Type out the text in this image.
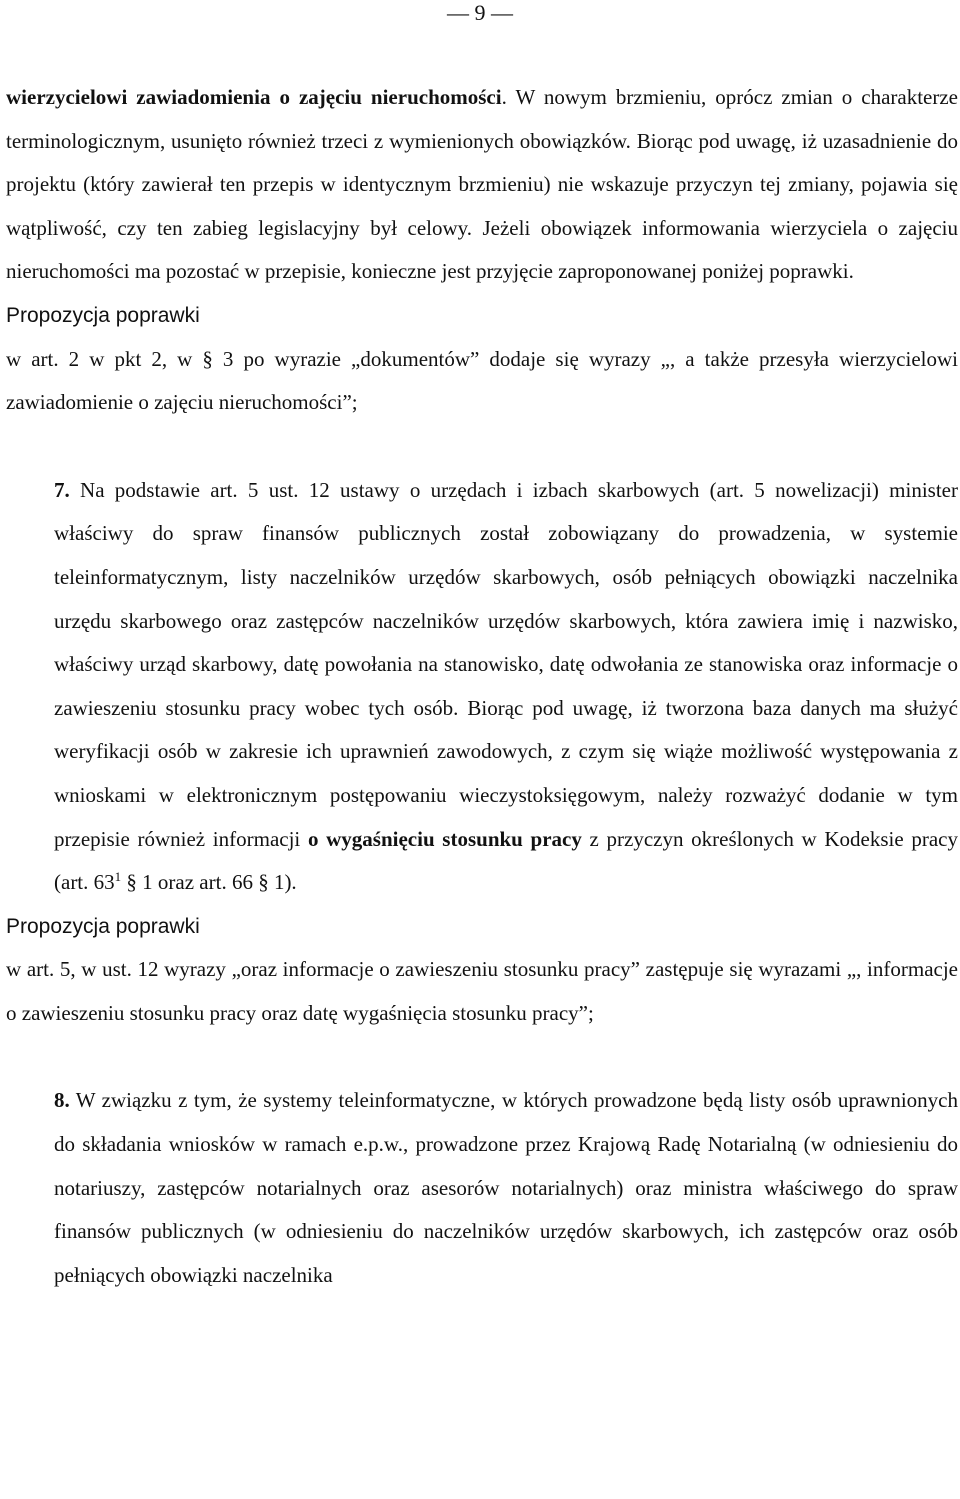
— 9 —

wierzycielowi zawiadomienia o zajęciu nieruchomości. W nowym brzmieniu, oprócz zmian o charakterze terminologicznym, usunięto również trzeci z wymienionych obowiązków. Biorąc pod uwagę, iż uzasadnienie do projektu (który zawierał ten przepis w identycznym brzmieniu) nie wskazuje przyczyn tej zmiany, pojawia się wątpliwość, czy ten zabieg legislacyjny był celowy. Jeżeli obowiązek informowania wierzyciela o zajęciu nieruchomości ma pozostać w przepisie, konieczne jest przyjęcie zaproponowanej poniżej poprawki.

Propozycja poprawki

w art. 2 w pkt 2, w § 3 po wyrazie „dokumentów” dodaje się wyrazy „, a także przesyła wierzycielowi zawiadomienie o zajęciu nieruchomości”;

7. Na podstawie art. 5 ust. 12 ustawy o urzędach i izbach skarbowych (art. 5 nowelizacji) minister właściwy do spraw finansów publicznych został zobowiązany do prowadzenia, w systemie teleinformatycznym, listy naczelników urzędów skarbowych, osób pełniących obowiązki naczelnika urzędu skarbowego oraz zastępców naczelników urzędów skarbowych, która zawiera imię i nazwisko, właściwy urząd skarbowy, datę powołania na stanowisko, datę odwołania ze stanowiska oraz informacje o zawieszeniu stosunku pracy wobec tych osób. Biorąc pod uwagę, iż tworzona baza danych ma służyć weryfikacji osób w zakresie ich uprawnień zawodowych, z czym się wiąże możliwość występowania z wnioskami w elektronicznym postępowaniu wieczystoksięgowym, należy rozważyć dodanie w tym przepisie również informacji o wygaśnięciu stosunku pracy z przyczyn określonych w Kodeksie pracy (art. $63^1$ § 1 oraz art. 66 § 1).

Propozycja poprawki

w art. 5, w ust. 12 wyrazy „oraz informacje o zawieszeniu stosunku pracy” zastępuje się wyrazami „, informacje o zawieszeniu stosunku pracy oraz datę wygaśnięcia stosunku pracy”;

8. W związku z tym, że systemy teleinformatyczne, w których prowadzone będą listy osób uprawnionych do składania wniosków w ramach e.p.w., prowadzone przez Krajową Radę Notarialną (w odniesieniu do notariuszy, zastępców notarialnych oraz asesorów notarialnych) oraz ministra właściwego do spraw finansów publicznych (w odniesieniu do naczelników urzędów skarbowych, ich zastępców oraz osób pełniących obowiązki naczelnika
